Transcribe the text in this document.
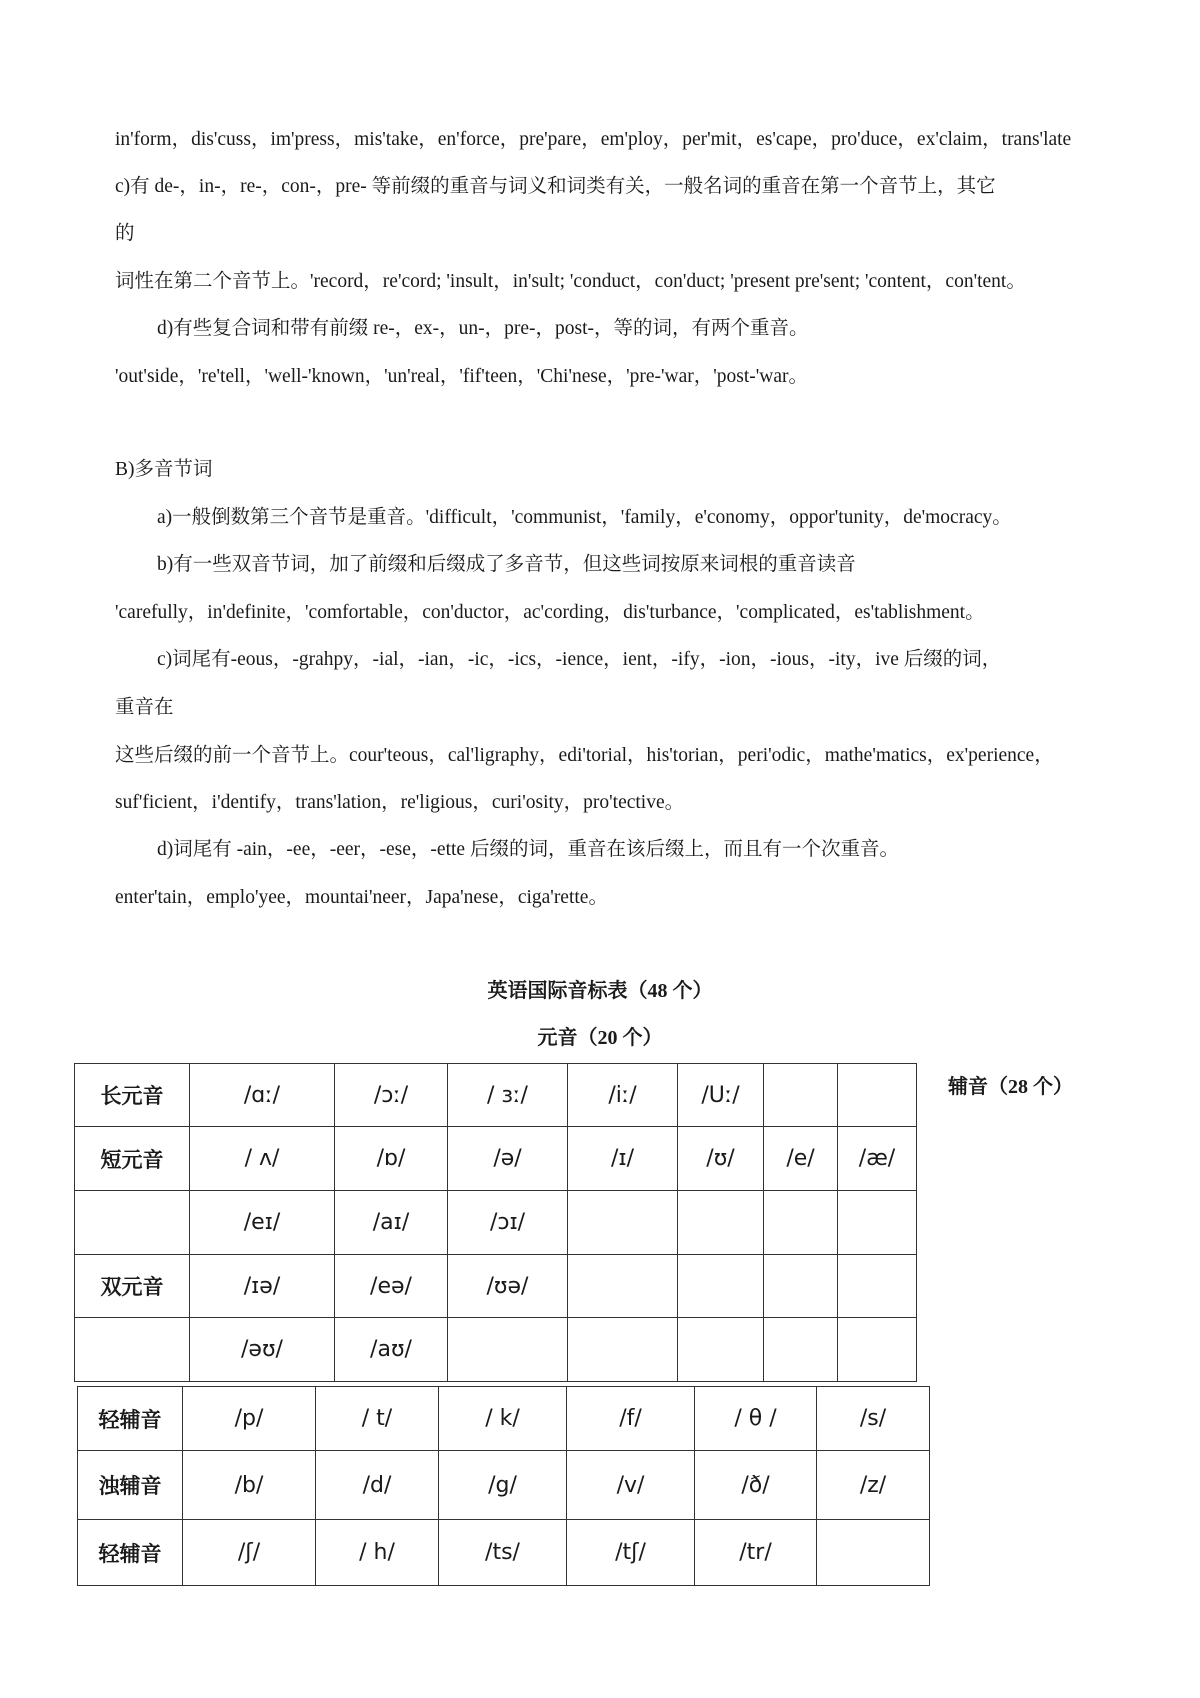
in'form，dis'cuss，im'press，mis'take，en'force，pre'pare，em'ploy，per'mit，es'cape，pro'duce，ex'claim，trans'late
c)有 de-，in-，re-，con-，pre- 等前缀的重音与词义和词类有关，一般名词的重音在第一个音节上，其它
的
词性在第二个音节上。'record，re'cord; 'insult，in'sult; 'conduct，con'duct; 'present pre'sent; 'content，con'tent。
d)有些复合词和带有前缀 re-，ex-，un-，pre-，post-，等的词，有两个重音。
'out'side，'re'tell，'well-'known，'un'real，'fif'teen，'Chi'nese，'pre-'war，'post-'war。
B)多音节词
a)一般倒数第三个音节是重音。'difficult，'communist，'family，e'conomy，oppor'tunity，de'mocracy。
b)有一些双音节词，加了前缀和后缀成了多音节，但这些词按原来词根的重音读音
'carefully，in'definite，'comfortable，con'ductor，ac'cording，dis'turbance，'complicated，es'tablishment。
c)词尾有-eous，-grahpy，-ial，-ian，-ic，-ics，-ience，ient，-ify，-ion，-ious，-ity，ive 后缀的词，
重音在
这些后缀的前一个音节上。cour'teous，cal'ligraphy，edi'torial，his'torian，peri'odic，mathe'matics，ex'perience，
suf'ficient，i'dentify，trans'lation，re'ligious，curi'osity，pro'tective。
d)词尾有 -ain，-ee，-eer，-ese，-ette 后缀的词，重音在该后缀上，而且有一个次重音。
enter'tain，emplo'yee，mountai'neer，Japa'nese，ciga'rette。
英语国际音标表（48 个）
元音（20 个）
辅音（28 个）
长元音	/ɑː/	/ɔː/	/ ɜː/	/iː/	/Uː/		
短元音	/ ʌ/	/ɒ/	/ə/	/ɪ/	/ʊ/	/e/	/æ/
	/eɪ/	/aɪ/	/ɔɪ/				
双元音	/ɪə/	/eə/	/ʊə/				
	/əʊ/	/aʊ/					
轻辅音	/p/	/ t/	/ k/	/f/	/ θ /	/s/
浊辅音	/b/	/d/	/g/	/v/	/ð/	/z/
轻辅音	/ʃ/	/ h/	/ts/	/tʃ/	/tr/	
